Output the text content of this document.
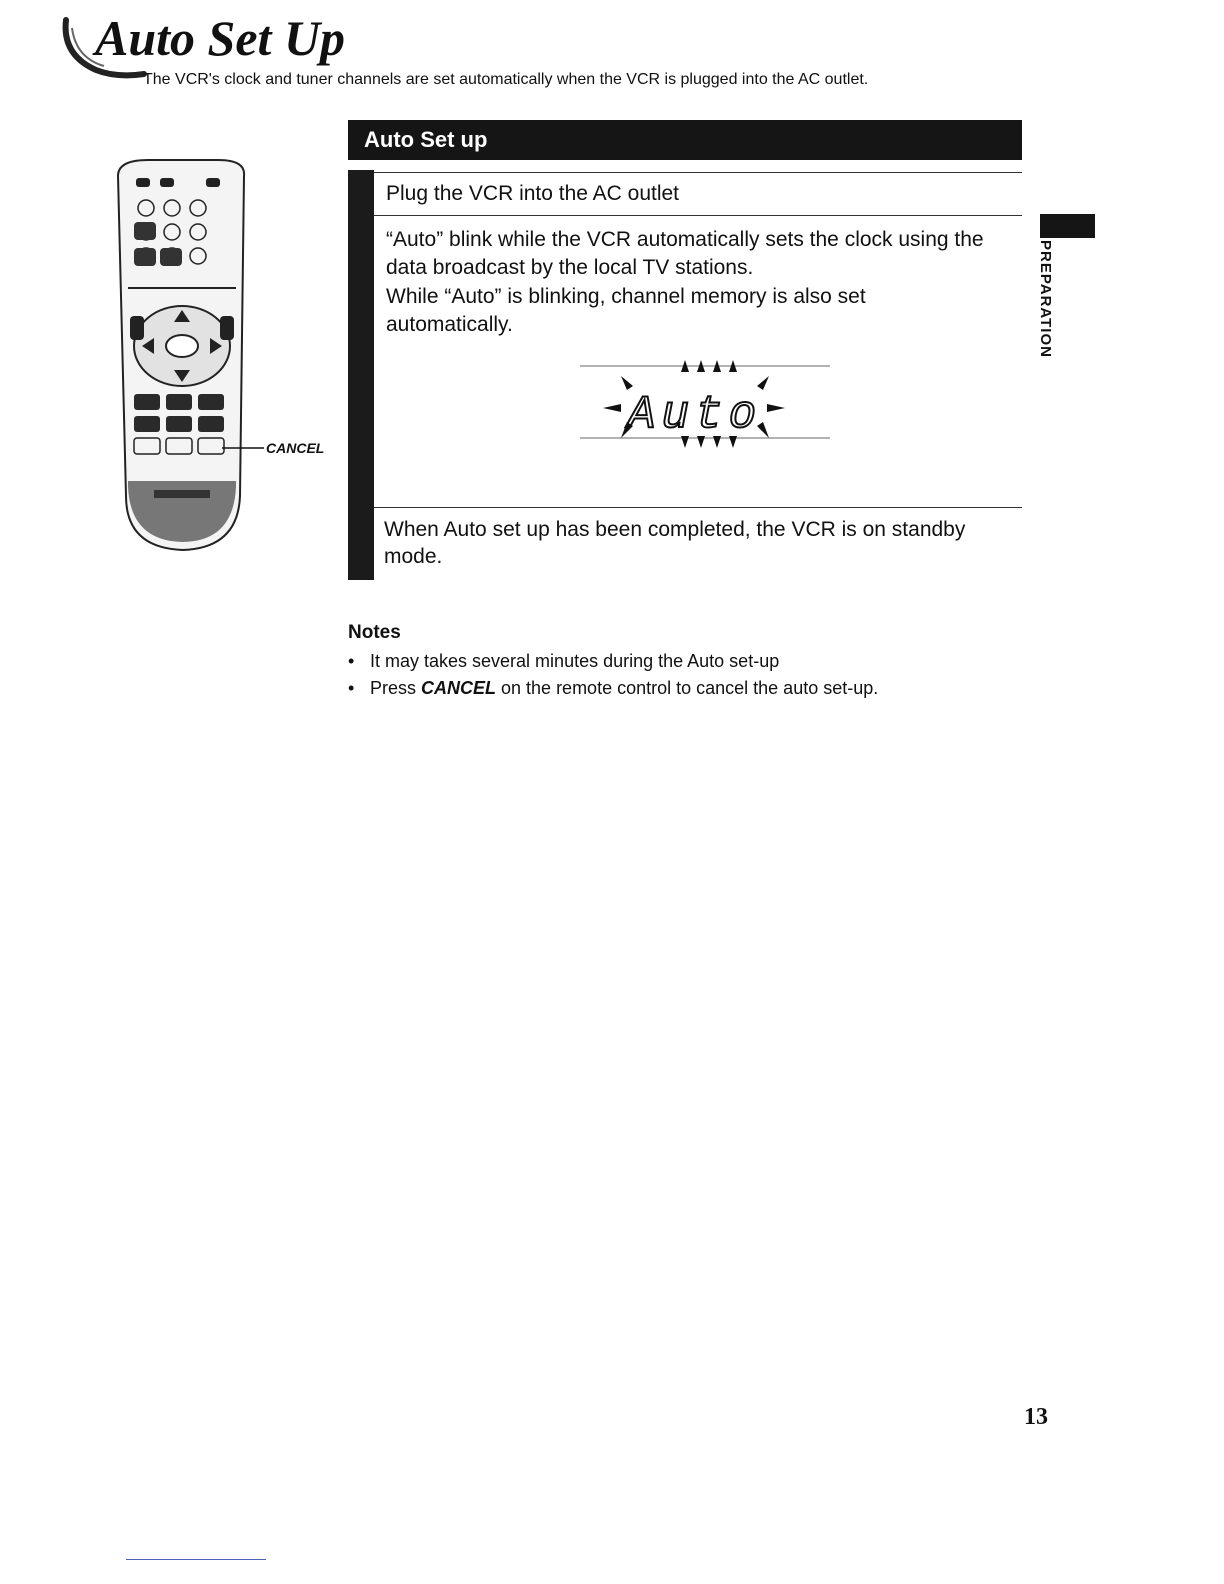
Auto Set Up
The VCR's clock and tuner channels are set automatically when the VCR is plugged into the AC outlet.
CANCEL
Auto Set up
Plug the VCR into the AC outlet
“Auto” blink while the VCR automatically sets the clock using the data broadcast by the local TV stations.
While “Auto” is blinking, channel memory is also set automatically.
Auto
When Auto set up has been completed, the VCR is on standby mode.
Notes
• It may takes several minutes during the Auto set-up
• Press CANCEL on the remote control to cancel the auto set-up.
PREPARATION
13
